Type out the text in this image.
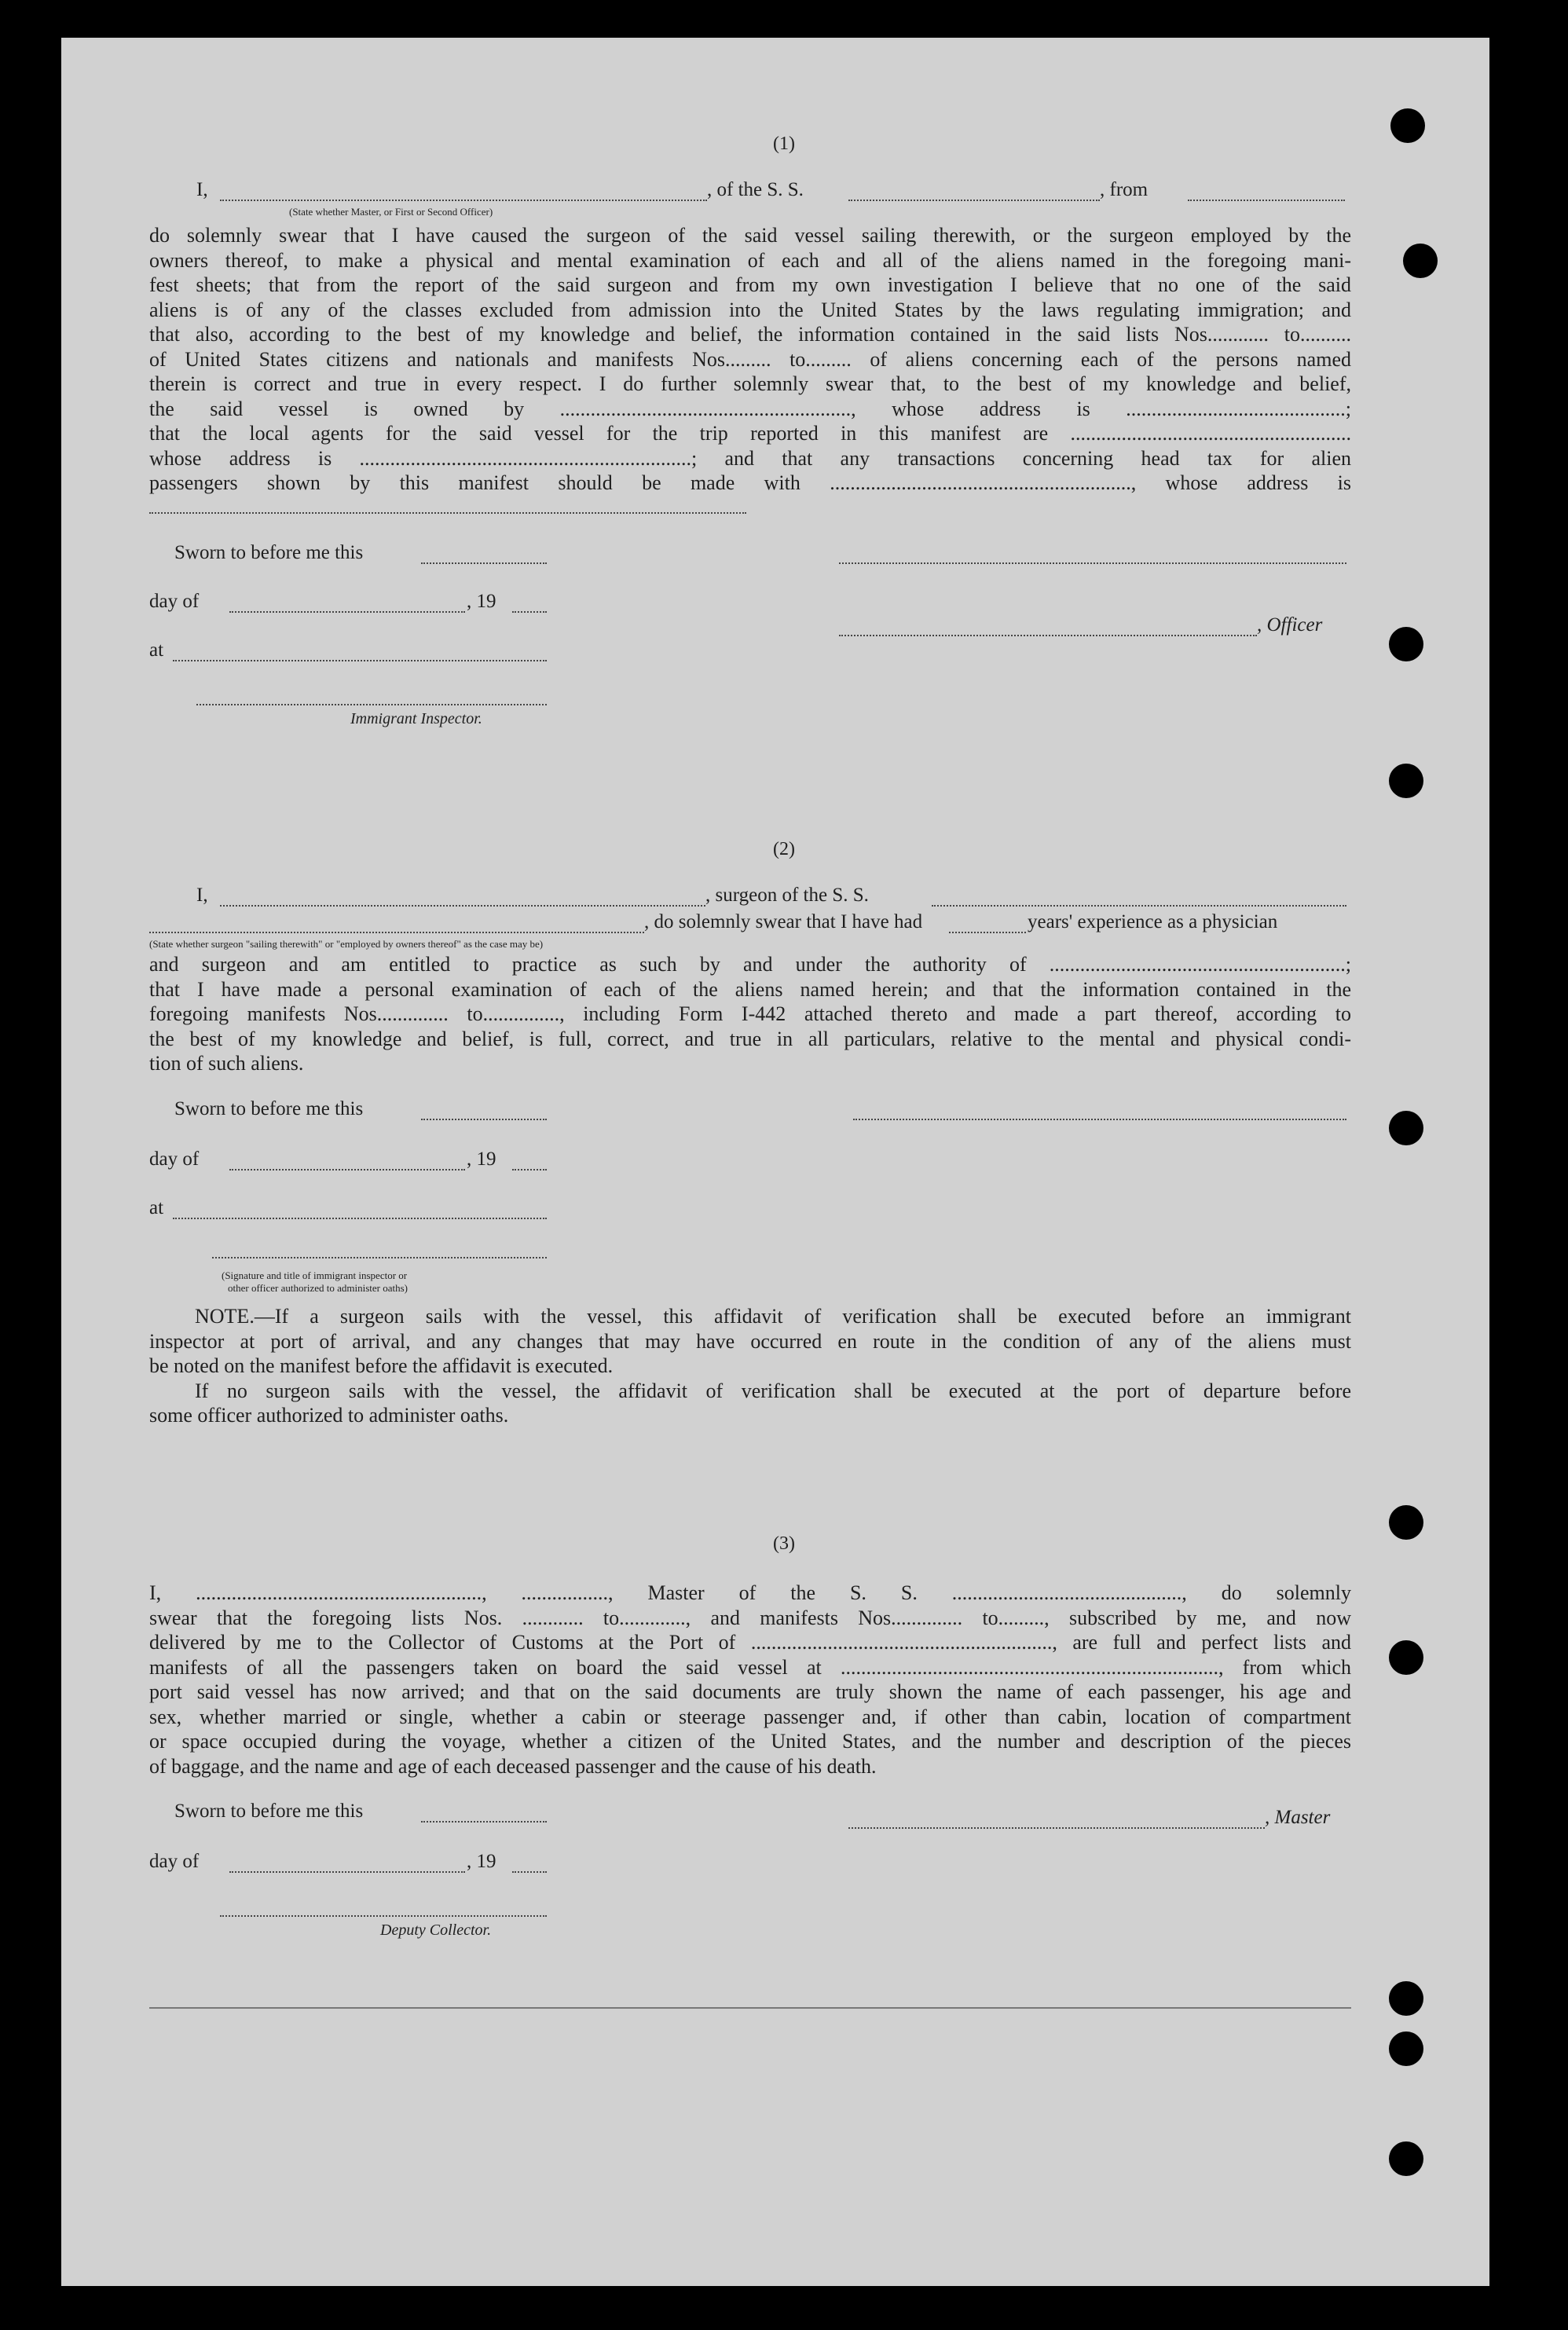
(1)
I,	, of the S. S.	, from
(State whether Master, or First or Second Officer)

do solemnly swear that I have caused the surgeon of the said vessel sailing therewith, or the surgeon employed by the

owners thereof, to make a physical and mental examination of each and all of the aliens named in the foregoing mani-

fest sheets; that from the report of the said surgeon and from my own investigation I believe that no one of the said

aliens is of any of the classes excluded from admission into the United States by the laws regulating immigration; and

that also, according to the best of my knowledge and belief, the information contained in the said lists Nos............ to..........

of United States citizens and nationals and manifests Nos......... to......... of aliens concerning each of the persons named

therein is correct and true in every respect. I do further solemnly swear that, to the best of my knowledge and belief,

the said vessel is owned by ........................................................., whose address is ...........................................;

that the local agents for the said vessel for the trip reported in this manifest are .......................................................

whose address is .................................................................; and that any transactions concerning head tax for alien

passengers shown by this manifest should be made with ..........................................................., whose address is

Sworn to before me this
day of	, 19
, Officer
at
Immigrant Inspector.
(2)
I,	, surgeon of the S. S.
, do solemnly swear that I have had	years' experience as a physician
(State whether surgeon "sailing therewith" or "employed by owners thereof" as the case may be)

and surgeon and am entitled to practice as such by and under the authority of ..........................................................;

that I have made a personal examination of each of the aliens named herein; and that the information contained in the

foregoing manifests Nos.............. to..............., including Form I-442 attached thereto and made a part thereof, according to

the best of my knowledge and belief, is full, correct, and true in all particulars, relative to the mental and physical condi-

tion of such aliens.

Sworn to before me this
day of	, 19
at
(Signature and title of immigrant inspector or
other officer authorized to administer oaths)

NOTE.—If a surgeon sails with the vessel, this affidavit of verification shall be executed before an immigrant

inspector at port of arrival, and any changes that may have occurred en route in the condition of any of the aliens must

be noted on the manifest before the affidavit is executed.

If no surgeon sails with the vessel, the affidavit of verification shall be executed at the port of departure before

some officer authorized to administer oaths.

(3)

I, ........................................................, ................., Master of the S. S. ............................................., do solemnly

swear that the foregoing lists Nos. ............ to............., and manifests Nos.............. to........., subscribed by me, and now

delivered by me to the Collector of Customs at the Port of ..........................................................., are full and perfect lists and

manifests of all the passengers taken on board the said vessel at .........................................................................., from which

port said vessel has now arrived; and that on the said documents are truly shown the name of each passenger, his age and

sex, whether married or single, whether a cabin or steerage passenger and, if other than cabin, location of compartment

or space occupied during the voyage, whether a citizen of the United States, and the number and description of the pieces

of baggage, and the name and age of each deceased passenger and the cause of his death.

Sworn to before me this	, Master
day of	, 19
Deputy Collector.
